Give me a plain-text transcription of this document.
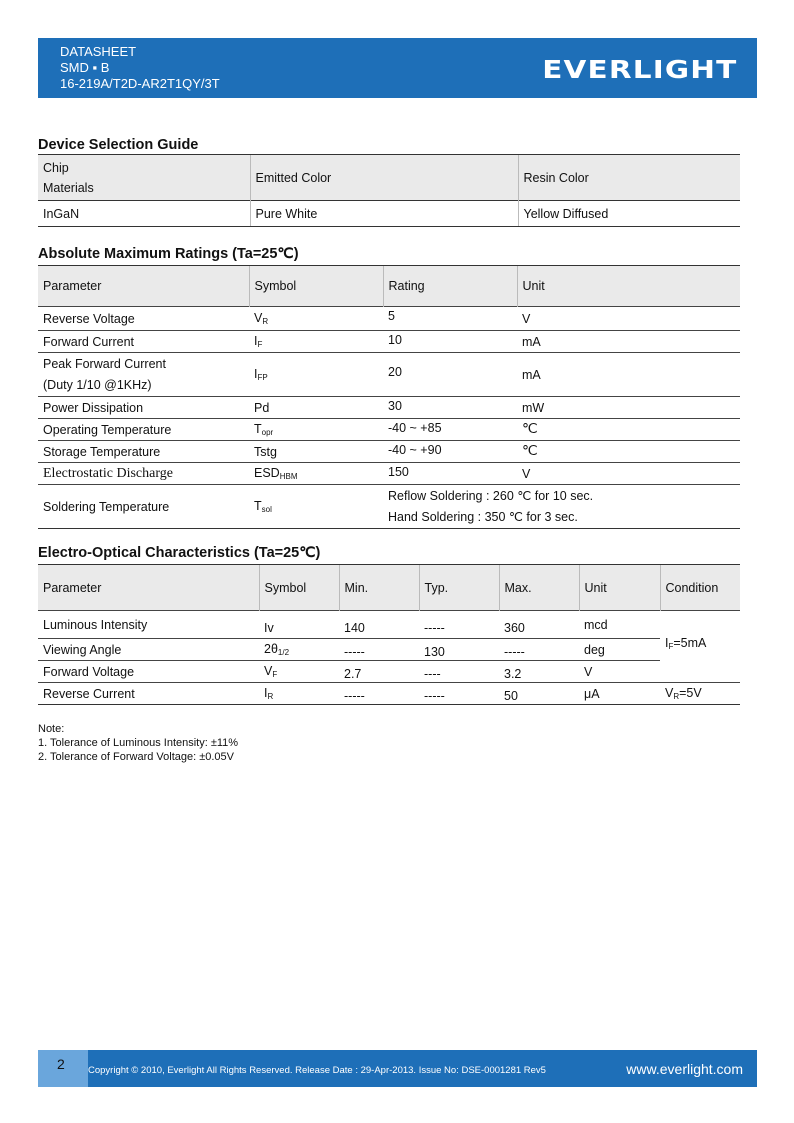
DATASHEET
SMD ▪ B
16-219A/T2D-AR2T1QY/3T	EVERLIGHT
Device Selection Guide
Chip
Materials	Emitted Color	Resin Color
InGaN	Pure White	Yellow Diffused
Absolute Maximum Ratings (Ta=25℃)
Parameter	Symbol	Rating	Unit
Reverse Voltage	$V_R$	5	V
Forward Current	$I_F$	10	mA

Peak Forward Current
(Duty 1/10 @1KHz)	$I_{FP}$	20	mA
Power Dissipation	Pd	30	mW
Operating Temperature	$T_{opr}$	-40 ~ +85	℃
Storage Temperature	Tstg	-40 ~ +90	℃
Electrostatic Discharge	$ESD_{HBM}$	150	V
Soldering Temperature	$T_{sol}$	Reflow Soldering : 260 ℃ for 10 sec.
Hand Soldering : 350 ℃ for 3 sec.	
Electro-Optical Characteristics (Ta=25℃)
Parameter	Symbol	Min.	Typ.	Max.	Unit	Condition
Luminous Intensity	Iv	140	-----	360	mcd	$I_F=5mA$
Viewing Angle	$2\theta_{1/2}$	-----	130	-----	deg	
Forward Voltage	$V_F$	2.7	----	3.2	V	
Reverse Current	$I_R$	-----	-----	50	μA	$V_R=5V$
Note:
1. Tolerance of Luminous Intensity: ±11%
2. Tolerance of Forward Voltage: ±0.05V
2	Copyright © 2010, Everlight All Rights Reserved. Release Date : 29-Apr-2013. Issue No: DSE-0001281 Rev5	www.everlight.com
